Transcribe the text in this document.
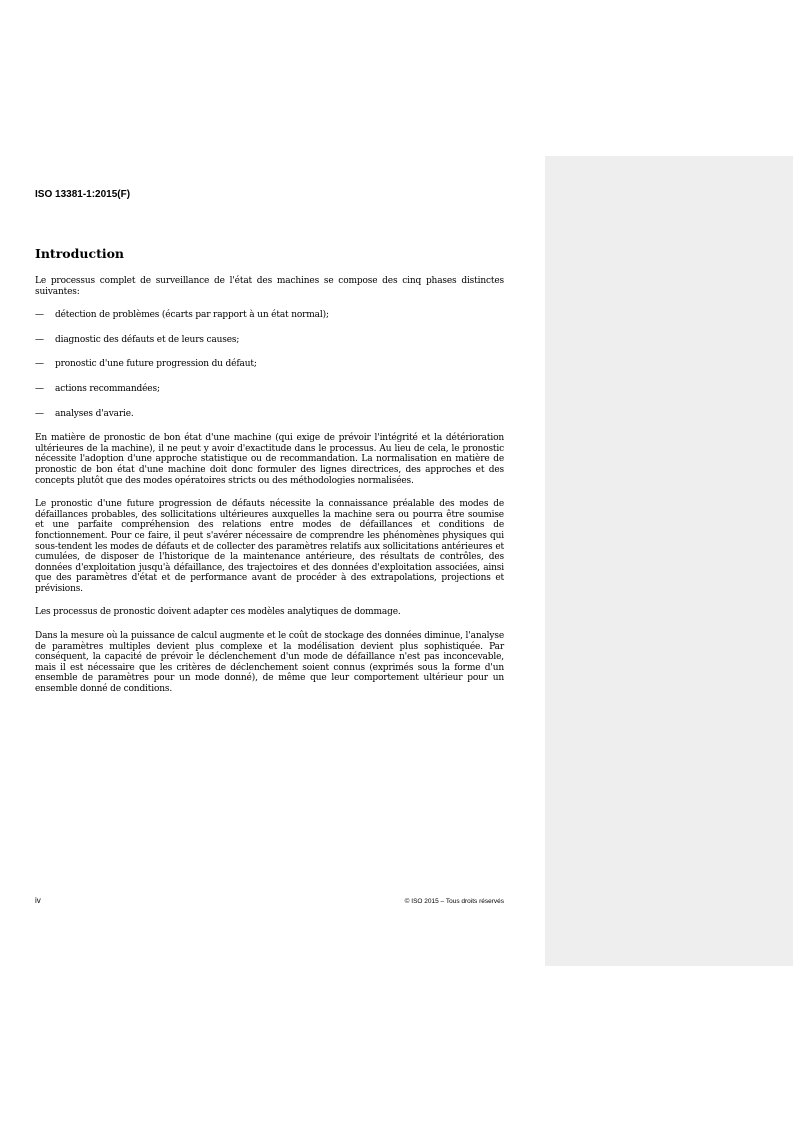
ISO 13381-1:2015(F)
Introduction

Le processus complet de surveillance de l'état des machines se compose des cinq phases distinctes suivantes:

— détection de problèmes (écarts par rapport à un état normal);
— diagnostic des défauts et de leurs causes;
— pronostic d'une future progression du défaut;
— actions recommandées;
— analyses d'avarie.

En matière de pronostic de bon état d'une machine (qui exige de prévoir l'intégrité et la détérioration ultérieures de la machine), il ne peut y avoir d'exactitude dans le processus. Au lieu de cela, le pronostic nécessite l'adoption d'une approche statistique ou de recommandation. La normalisation en matière de pronostic de bon état d'une machine doit donc formuler des lignes directrices, des approches et des concepts plutôt que des modes opératoires stricts ou des méthodologies normalisées.

Le pronostic d'une future progression de défauts nécessite la connaissance préalable des modes de défaillances probables, des sollicitations ultérieures auxquelles la machine sera ou pourra être soumise et une parfaite compréhension des relations entre modes de défaillances et conditions de fonctionnement. Pour ce faire, il peut s'avérer nécessaire de comprendre les phénomènes physiques qui sous-tendent les modes de défauts et de collecter des paramètres relatifs aux sollicitations antérieures et cumulées, de disposer de l'historique de la maintenance antérieure, des résultats de contrôles, des données d'exploitation jusqu'à défaillance, des trajectoires et des données d'exploitation associées, ainsi que des paramètres d'état et de performance avant de procéder à des extrapolations, projections et prévisions.

Les processus de pronostic doivent adapter ces modèles analytiques de dommage.

Dans la mesure où la puissance de calcul augmente et le coût de stockage des données diminue, l'analyse de paramètres multiples devient plus complexe et la modélisation devient plus sophistiquée. Par conséquent, la capacité de prévoir le déclenchement d'un mode de défaillance n'est pas inconcevable, mais il est nécessaire que les critères de déclenchement soient connus (exprimés sous la forme d'un ensemble de paramètres pour un mode donné), de même que leur comportement ultérieur pour un ensemble donné de conditions.

iv	© ISO 2015 – Tous droits réservés
